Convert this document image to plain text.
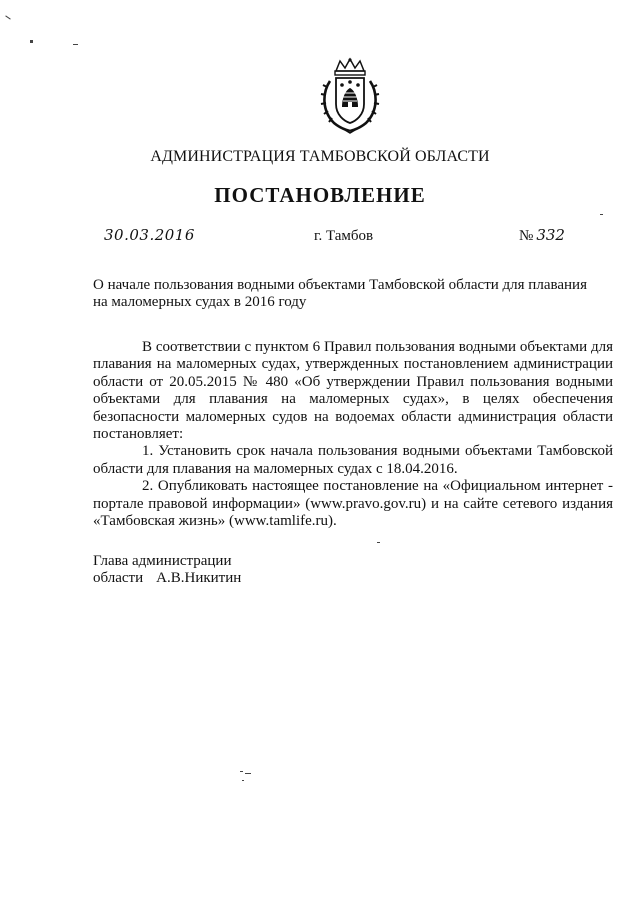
АДМИНИСТРАЦИЯ ТАМБОВСКОЙ ОБЛАСТИ
ПОСТАНОВЛЕНИЕ
30.03.2016	г. Тамбов	№ 332
О начале пользования водными объектами Тамбовской области для плавания
на маломерных судах в 2016 году

В соответствии с пунктом 6 Правил пользования водными объектами для плавания на маломерных судах, утвержденных постановлением администрации области от 20.05.2015 № 480 «Об утверждении Правил пользования водными объектами для плавания на маломерных судах», в целях обеспечения безопасности маломерных судов на водоемах области администрация области постановляет:

1. Установить срок начала пользования водными объектами Тамбовской области для плавания на маломерных судах с 18.04.2016.

2. Опубликовать настоящее постановление на «Официальном интернет - портале правовой информации» (www.pravo.gov.ru) и на сайте сетевого издания «Тамбовская жизнь» (www.tamlife.ru).

Глава администрации
области А.В.Никитин
